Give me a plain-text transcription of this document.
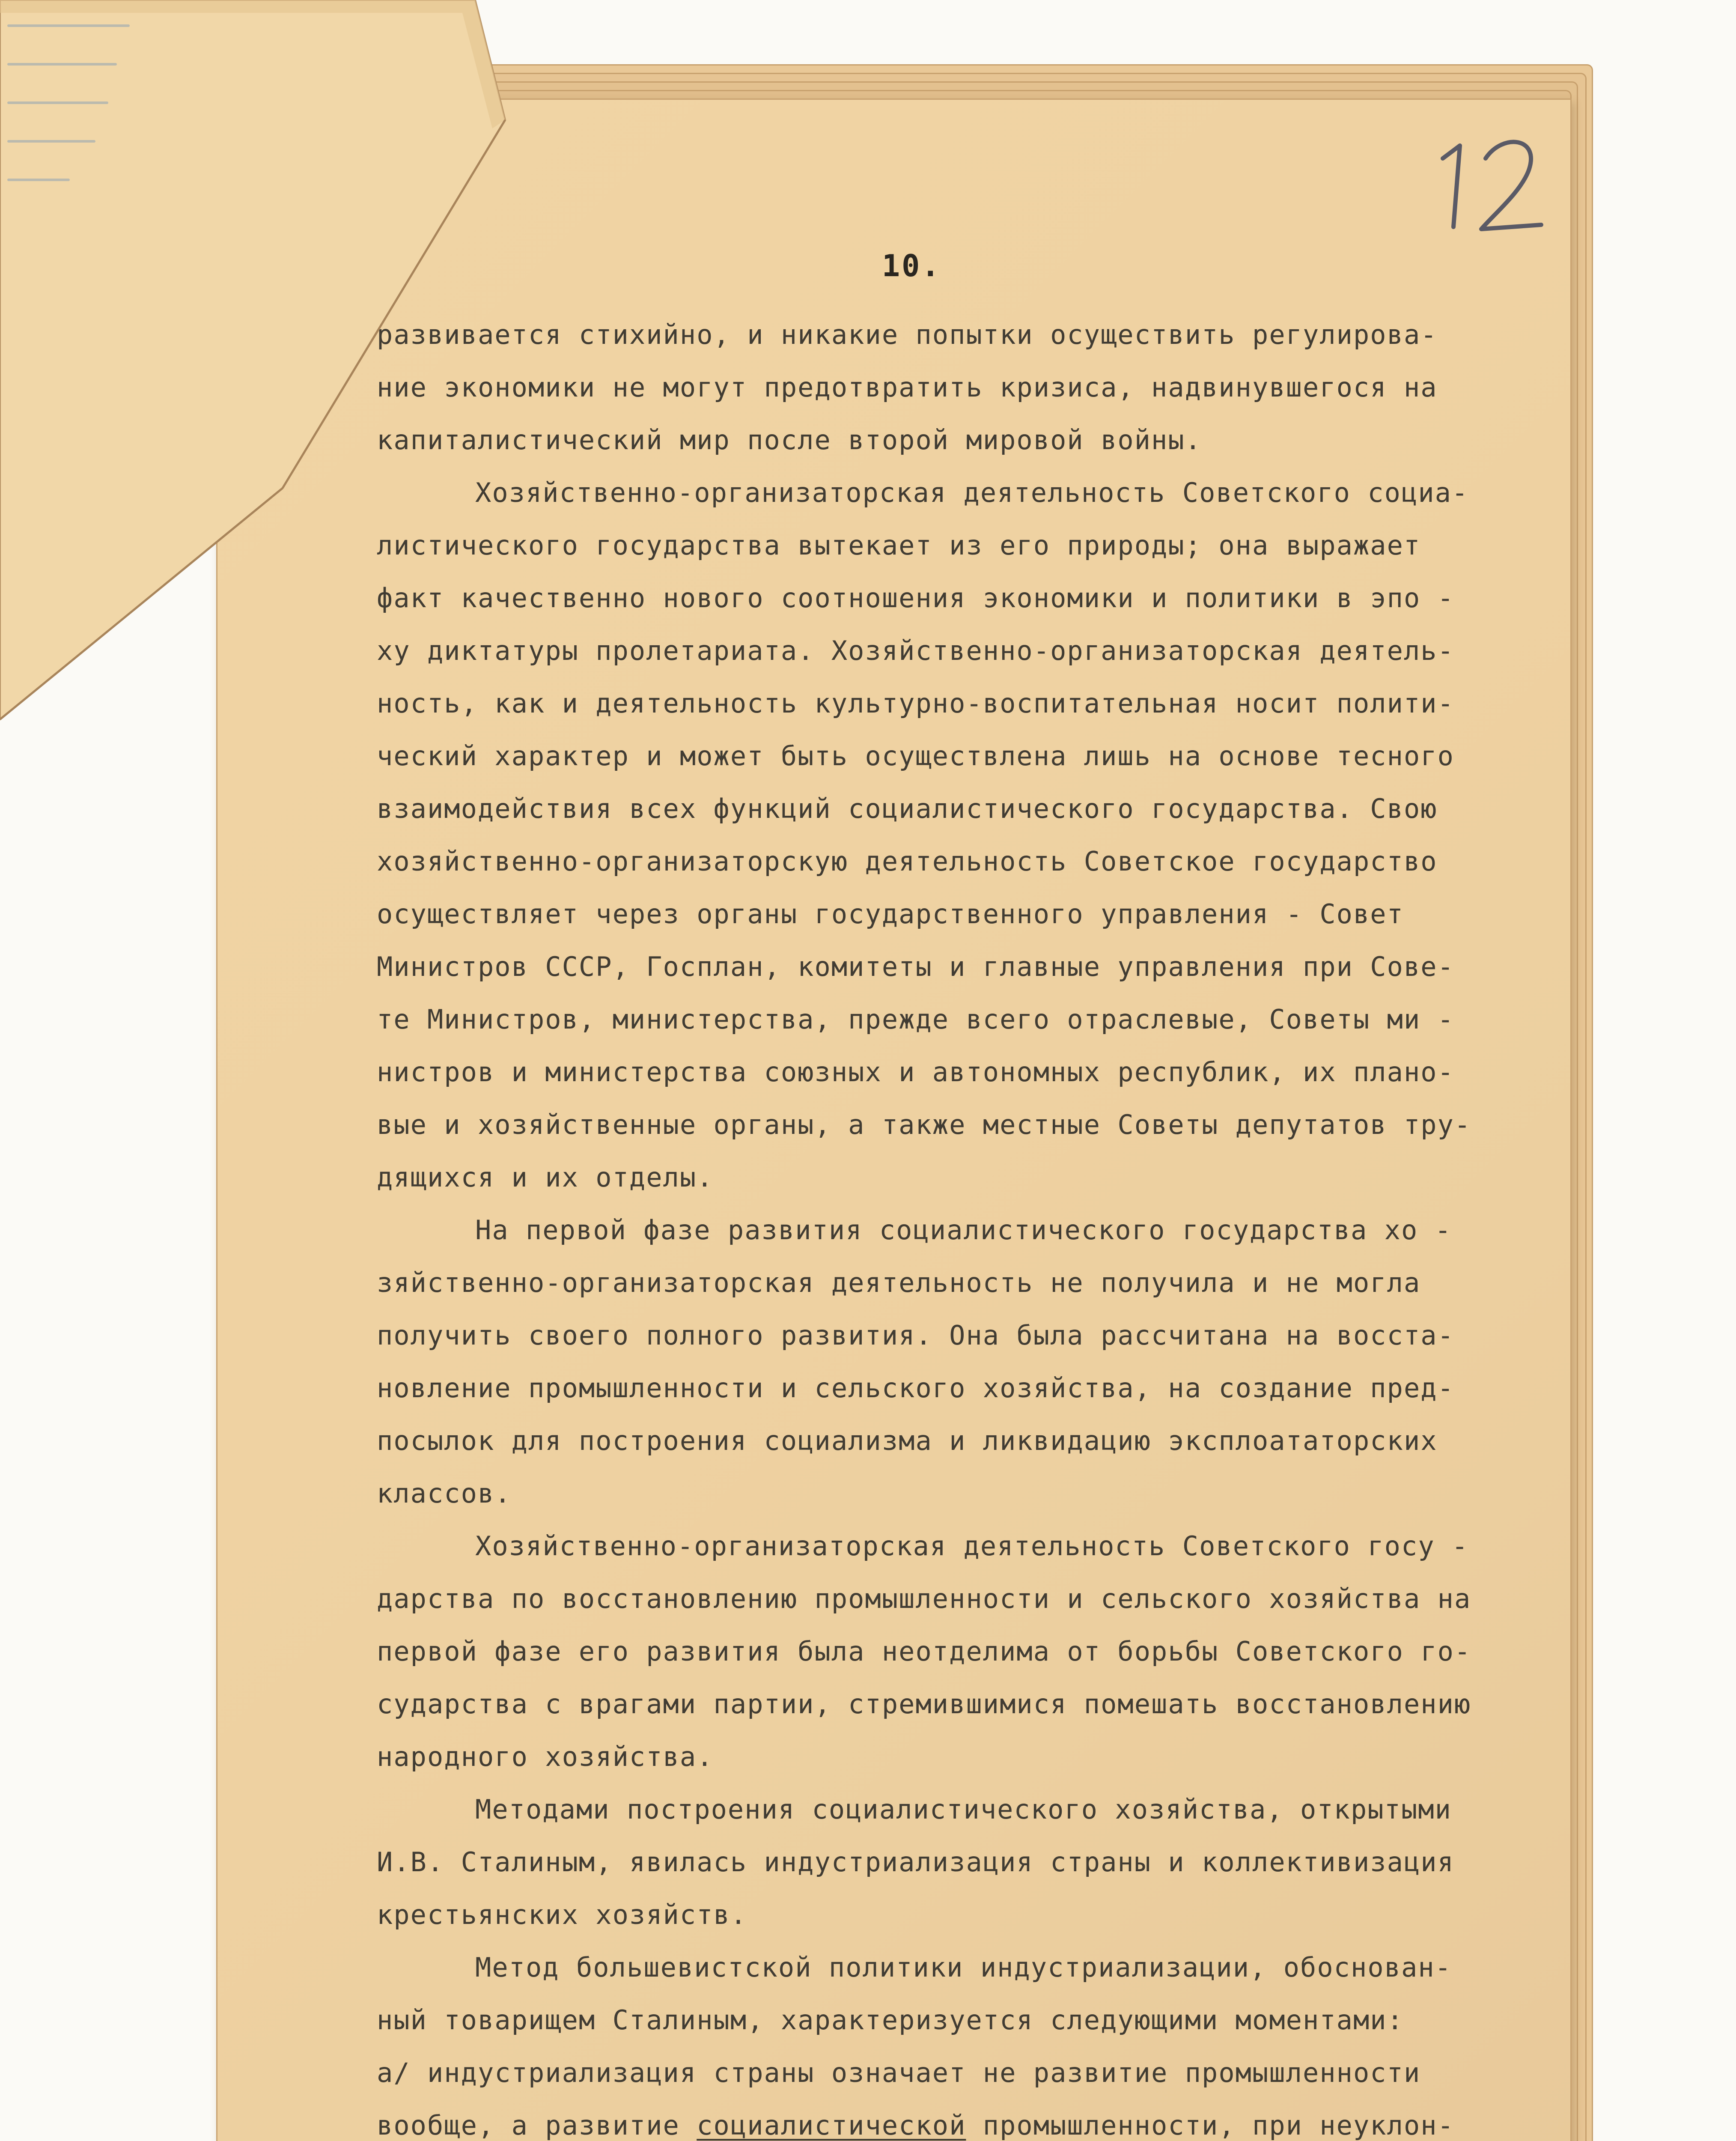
10.
развивается стихийно, и никакие попытки осуществить регулирова-
ние экономики не могут предотвратить кризиса, надвинувшегося на
капиталистический мир после второй мировой войны.
Хозяйственно-организаторская деятельность Советского социа-
листического государства вытекает из его природы; она выражает
факт качественно нового соотношения экономики и политики в эпо -
ху диктатуры пролетариата. Хозяйственно-организаторская деятель-
ность, как и деятельность культурно-воспитательная носит полити-
ческий характер и может быть осуществлена лишь на основе тесного
взаимодействия всех функций социалистического государства. Свою
хозяйственно-организаторскую деятельность Советское государство
осуществляет через органы государственного управления - Совет
Министров СССР, Госплан, комитеты и главные управления при Сове-
те Министров, министерства, прежде всего отраслевые, Советы ми -
нистров и министерства союзных и автономных республик, их плано-
вые и хозяйственные органы, а также местные Советы депутатов тру-
дящихся и их отделы.
На первой фазе развития социалистического государства хо -
зяйственно-организаторская деятельность не получила и не могла
получить своего полного развития. Она была рассчитана на восста-
новление промышленности и сельского хозяйства, на создание пред-
посылок для построения социализма и ликвидацию эксплоататорских
классов.
Хозяйственно-организаторская деятельность Советского госу -
дарства по восстановлению промышленности и сельского хозяйства на
первой фазе его развития была неотделима от борьбы Советского го-
сударства с врагами партии, стремившимися помешать восстановлению
народного хозяйства.
Методами построения социалистического хозяйства, открытыми
И.В. Сталиным, явилась индустриализация страны и коллективизация
крестьянских хозяйств.
Метод большевистской политики индустриализации, обоснован-
ный товарищем Сталиным, характеризуется следующими моментами:
а/ индустриализация страны означает не развитие промышленности
вообще, а развитие социалистической промышленности, при неуклон-
